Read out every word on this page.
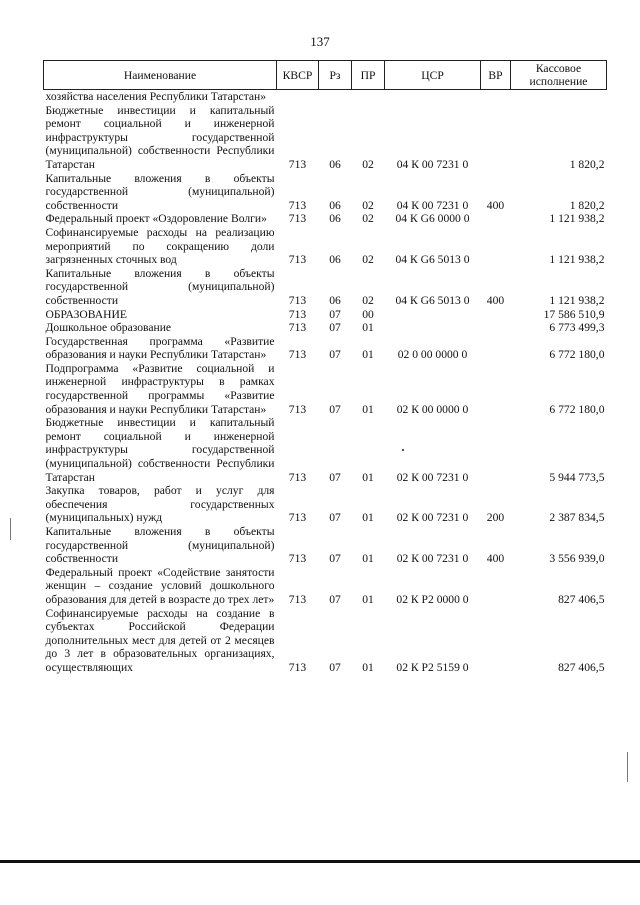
137
Наименование	КВСР	Рз	ПР	ЦСР	ВР	Кассовое исполнение
хозяйства населения Республики Татарстан»						
Бюджетные инвестиции и капитальный ремонт социальной и инженерной инфраструктуры государственной (муниципальной) собственности Республики Татарстан	713	06	02	04 К 00 7231 0		1 820,2
Капитальные вложения в объекты государственной (муниципальной) собственности	713	06	02	04 К 00 7231 0	400	1 820,2
Федеральный проект «Оздоровление Волги»	713	06	02	04 К G6 0000 0		1 121 938,2
Софинансируемые расходы на реализацию мероприятий по сокращению доли загрязненных сточных вод	713	06	02	04 К G6 5013 0		1 121 938,2
Капитальные вложения в объекты государственной (муниципальной) собственности	713	06	02	04 К G6 5013 0	400	1 121 938,2
ОБРАЗОВАНИЕ	713	07	00			17 586 510,9
Дошкольное образование	713	07	01			6 773 499,3
Государственная программа «Развитие образования и науки Республики Татарстан»	713	07	01	02 0 00 0000 0		6 772 180,0
Подпрограмма «Развитие социальной и инженерной инфраструктуры в рамках государственной программы «Развитие образования и науки Республики Татарстан»	713	07	01	02 К 00 0000 0		6 772 180,0
Бюджетные инвестиции и капитальный ремонт социальной и инженерной инфраструктуры государственной (муниципальной) собственности Республики Татарстан	713	07	01	02 К 00 7231 0		5 944 773,5
Закупка товаров, работ и услуг для обеспечения государственных (муниципальных) нужд	713	07	01	02 К 00 7231 0	200	2 387 834,5
Капитальные вложения в объекты государственной (муниципальной) собственности	713	07	01	02 К 00 7231 0	400	3 556 939,0
Федеральный проект «Содействие занятости женщин – создание условий дошкольного образования для детей в возрасте до трех лет»	713	07	01	02 К Р2 0000 0		827 406,5
Софинансируемые расходы на создание в субъектах Российской Федерации дополнительных мест для детей от 2 месяцев до 3 лет в образовательных организациях, осуществляющих	713	07	01	02 К Р2 5159 0		827 406,5
